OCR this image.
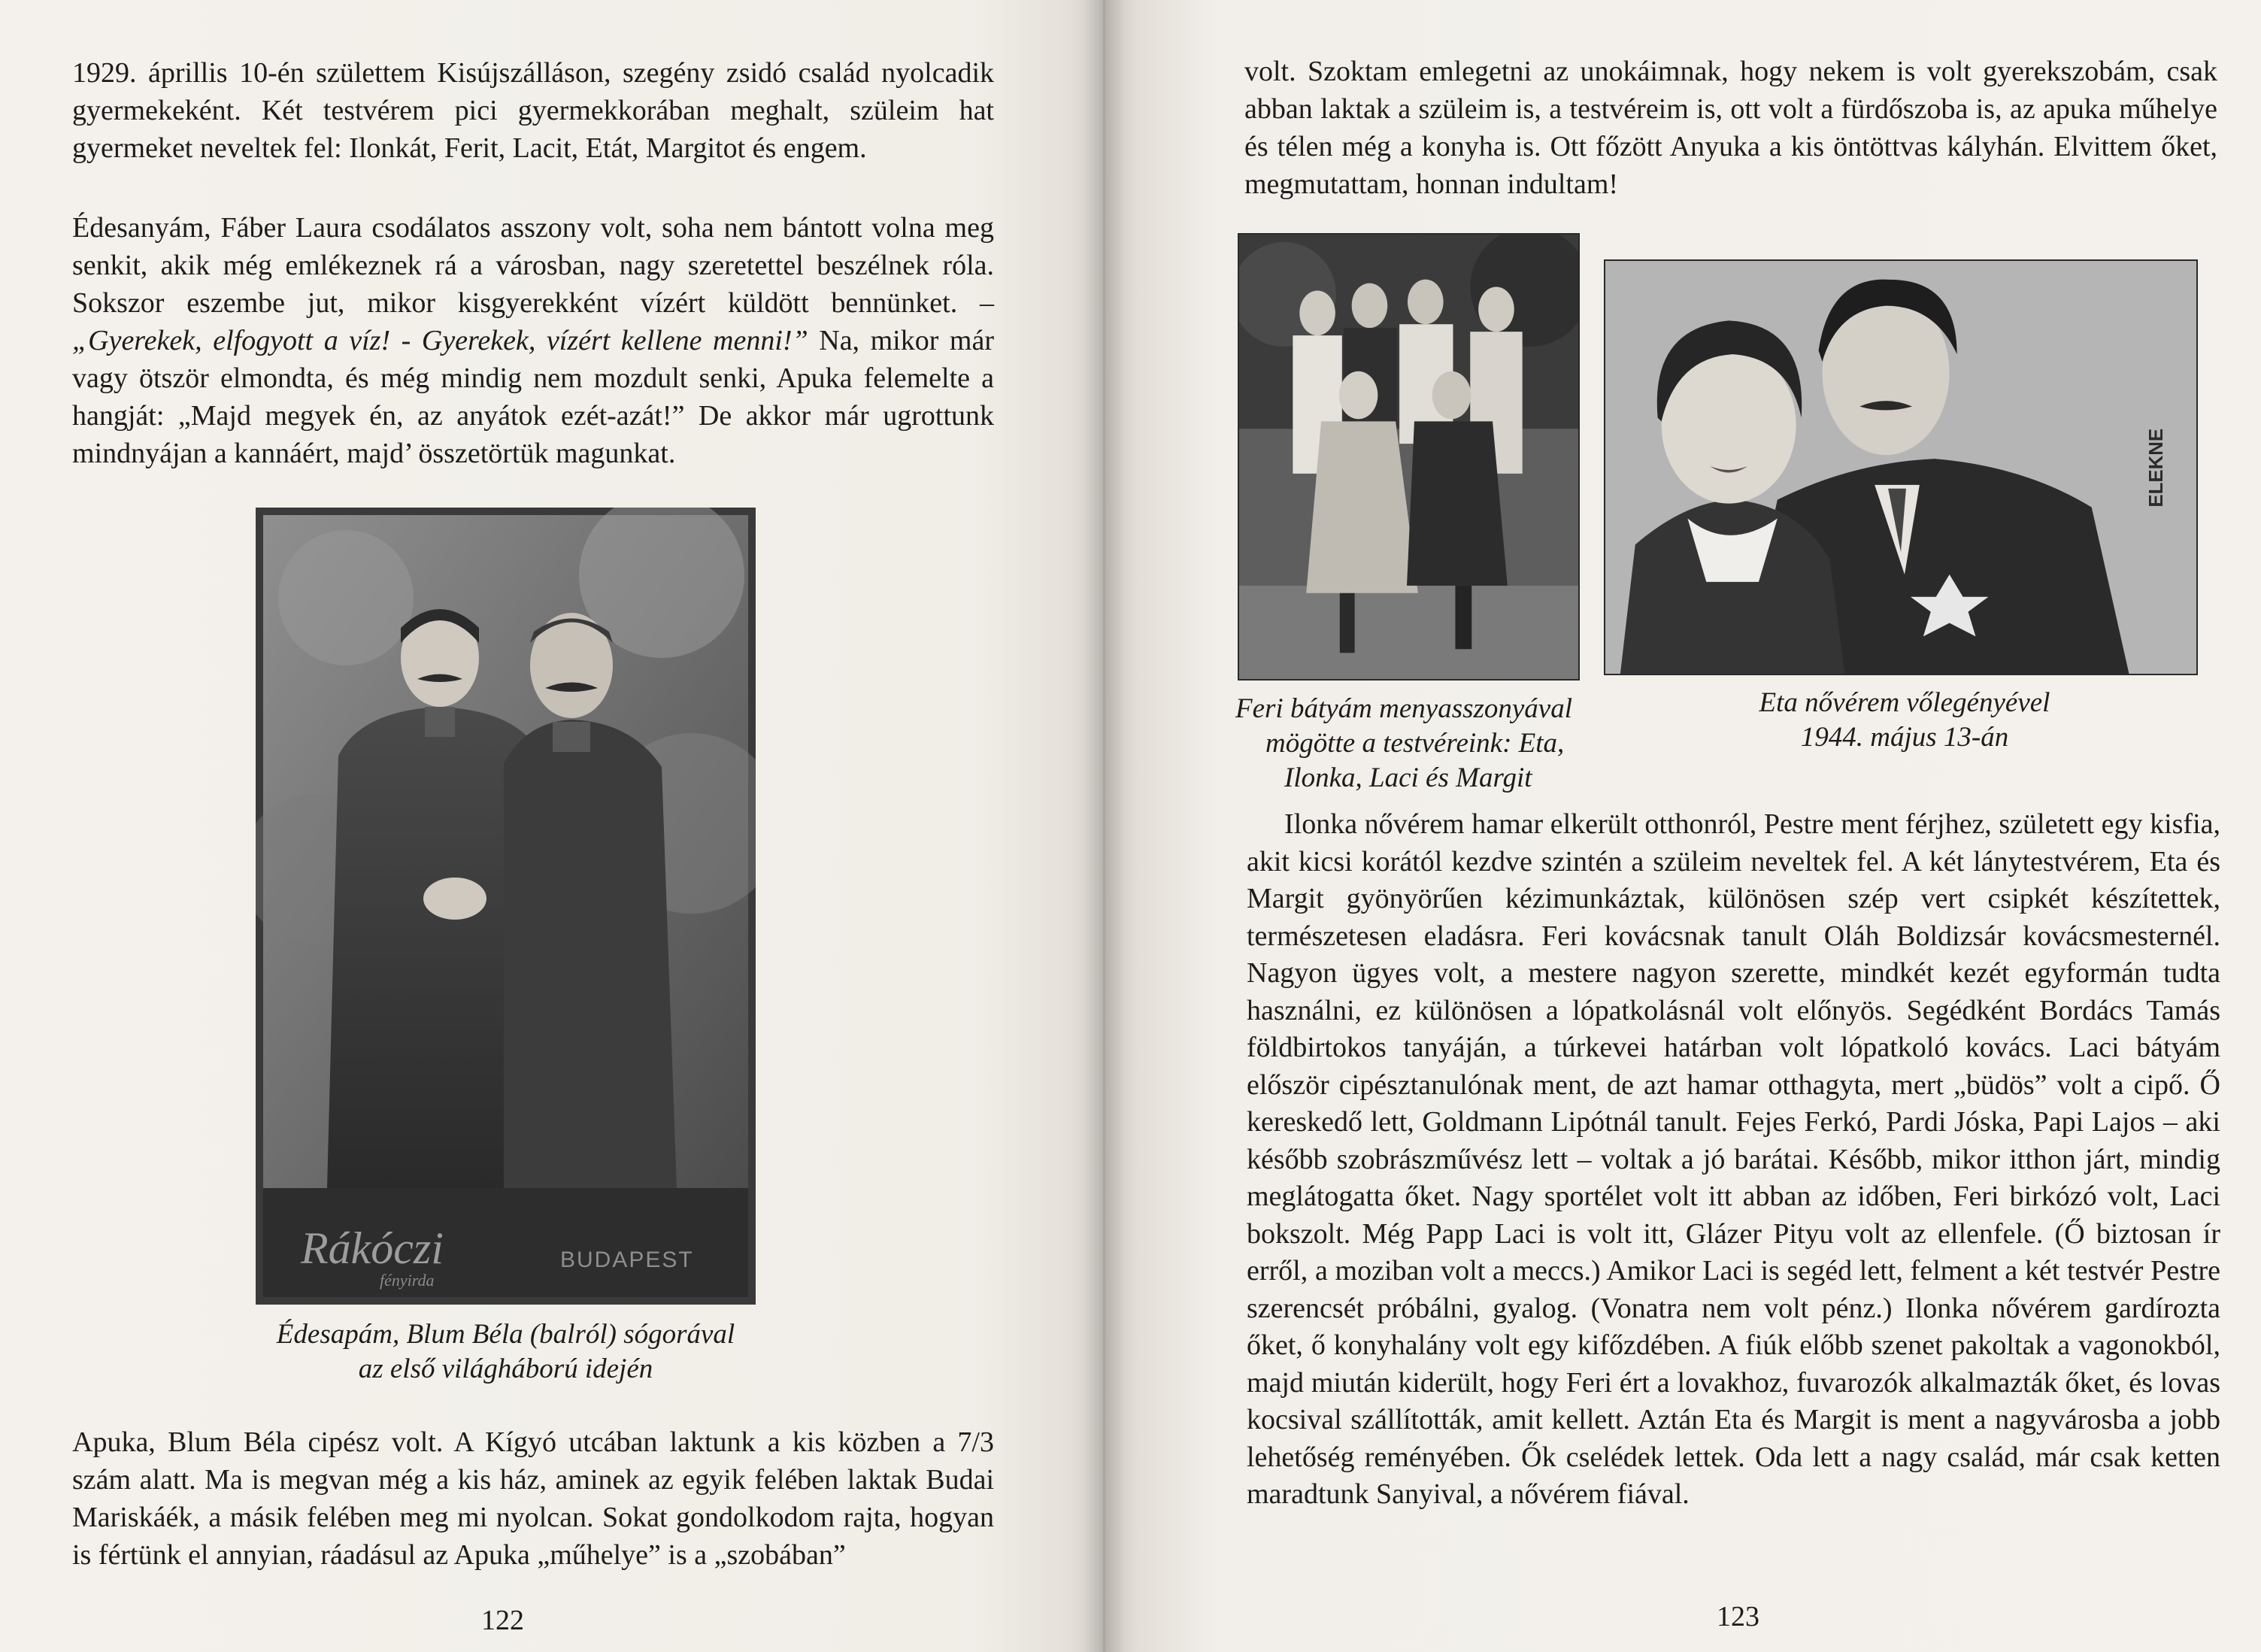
1929. áprillis 10-én születtem Kisújszálláson, szegény zsidó család nyolcadik gyermekeként. Két testvérem pici gyermekkorában meghalt, szüleim hat gyermeket neveltek fel: Ilonkát, Ferit, Lacit, Etát, Margitot és engem.

Édesanyám, Fáber Laura csodálatos asszony volt, soha nem bántott volna meg senkit, akik még emlékeznek rá a városban, nagy szeretettel beszélnek róla. Sokszor eszembe jut, mikor kisgyerekként vízért küldött bennünket. – „Gyerekek, elfogyott a víz! - Gyerekek, vízért kellene menni!” Na, mikor már vagy ötször elmondta, és még mindig nem mozdult senki, Apuka felemelte a hangját: „Majd megyek én, az anyátok ezét-azát!” De akkor már ugrottunk mindnyájan a kannáért, majd’ összetörtük magunkat.

Rákóczi
fényirda
BUDAPEST
Édesapám, Blum Béla (balról) sógorával
az első világháború idején

Apuka, Blum Béla cipész volt. A Kígyó utcában laktunk a kis közben a 7/3 szám alatt. Ma is megvan még a kis ház, aminek az egyik felében laktak Budai Mariskáék, a másik felében meg mi nyolcan. Sokat gondolkodom rajta, hogyan is fértünk el annyian, ráadásul az Apuka „műhelye” is a „szobában”

122

volt. Szoktam emlegetni az unokáimnak, hogy nekem is volt gyerekszobám, csak abban laktak a szüleim is, a testvéreim is, ott volt a fürdőszoba is, az apuka műhelye és télen még a konyha is. Ott főzött Anyuka a kis öntöttvas kályhán. Elvittem őket, megmutattam, honnan indultam!

ELEKNE
Feri bátyám menyasszonyával
mögötte a testvéreink: Eta,
Ilonka, Laci és Margit
Eta nővérem vőlegényével
1944. május 13-án

Ilonka nővérem hamar elkerült otthonról, Pestre ment férjhez, született egy kisfia, akit kicsi korától kezdve szintén a szüleim neveltek fel. A két lánytestvérem, Eta és Margit gyönyörűen kézimunkáztak, különösen szép vert csipkét készítettek, természetesen eladásra. Feri kovácsnak tanult Oláh Boldizsár kovácsmesternél. Nagyon ügyes volt, a mestere nagyon szerette, mindkét kezét egyformán tudta használni, ez különösen a lópatkolásnál volt előnyös. Segédként Bordács Tamás földbirtokos tanyáján, a túrkevei határban volt lópatkoló kovács. Laci bátyám először cipésztanulónak ment, de azt hamar otthagyta, mert „büdös” volt a cipő. Ő kereskedő lett, Goldmann Lipótnál tanult. Fejes Ferkó, Pardi Jóska, Papi Lajos – aki később szobrászművész lett – voltak a jó barátai. Később, mikor itthon járt, mindig meglátogatta őket. Nagy sportélet volt itt abban az időben, Feri birkózó volt, Laci bokszolt. Még Papp Laci is volt itt, Glázer Pityu volt az ellenfele. (Ő biztosan ír erről, a moziban volt a meccs.) Amikor Laci is segéd lett, felment a két testvér Pestre szerencsét próbálni, gyalog. (Vonatra nem volt pénz.) Ilonka nővérem gardírozta őket, ő konyhalány volt egy kifőzdében. A fiúk előbb szenet pakoltak a vagonokból, majd miután kiderült, hogy Feri ért a lovakhoz, fuvarozók alkalmazták őket, és lovas kocsival szállították, amit kellett. Aztán Eta és Margit is ment a nagyvárosba a jobb lehetőség reményében. Ők cselédek lettek. Oda lett a nagy család, már csak ketten maradtunk Sanyival, a nővérem fiával.

123
